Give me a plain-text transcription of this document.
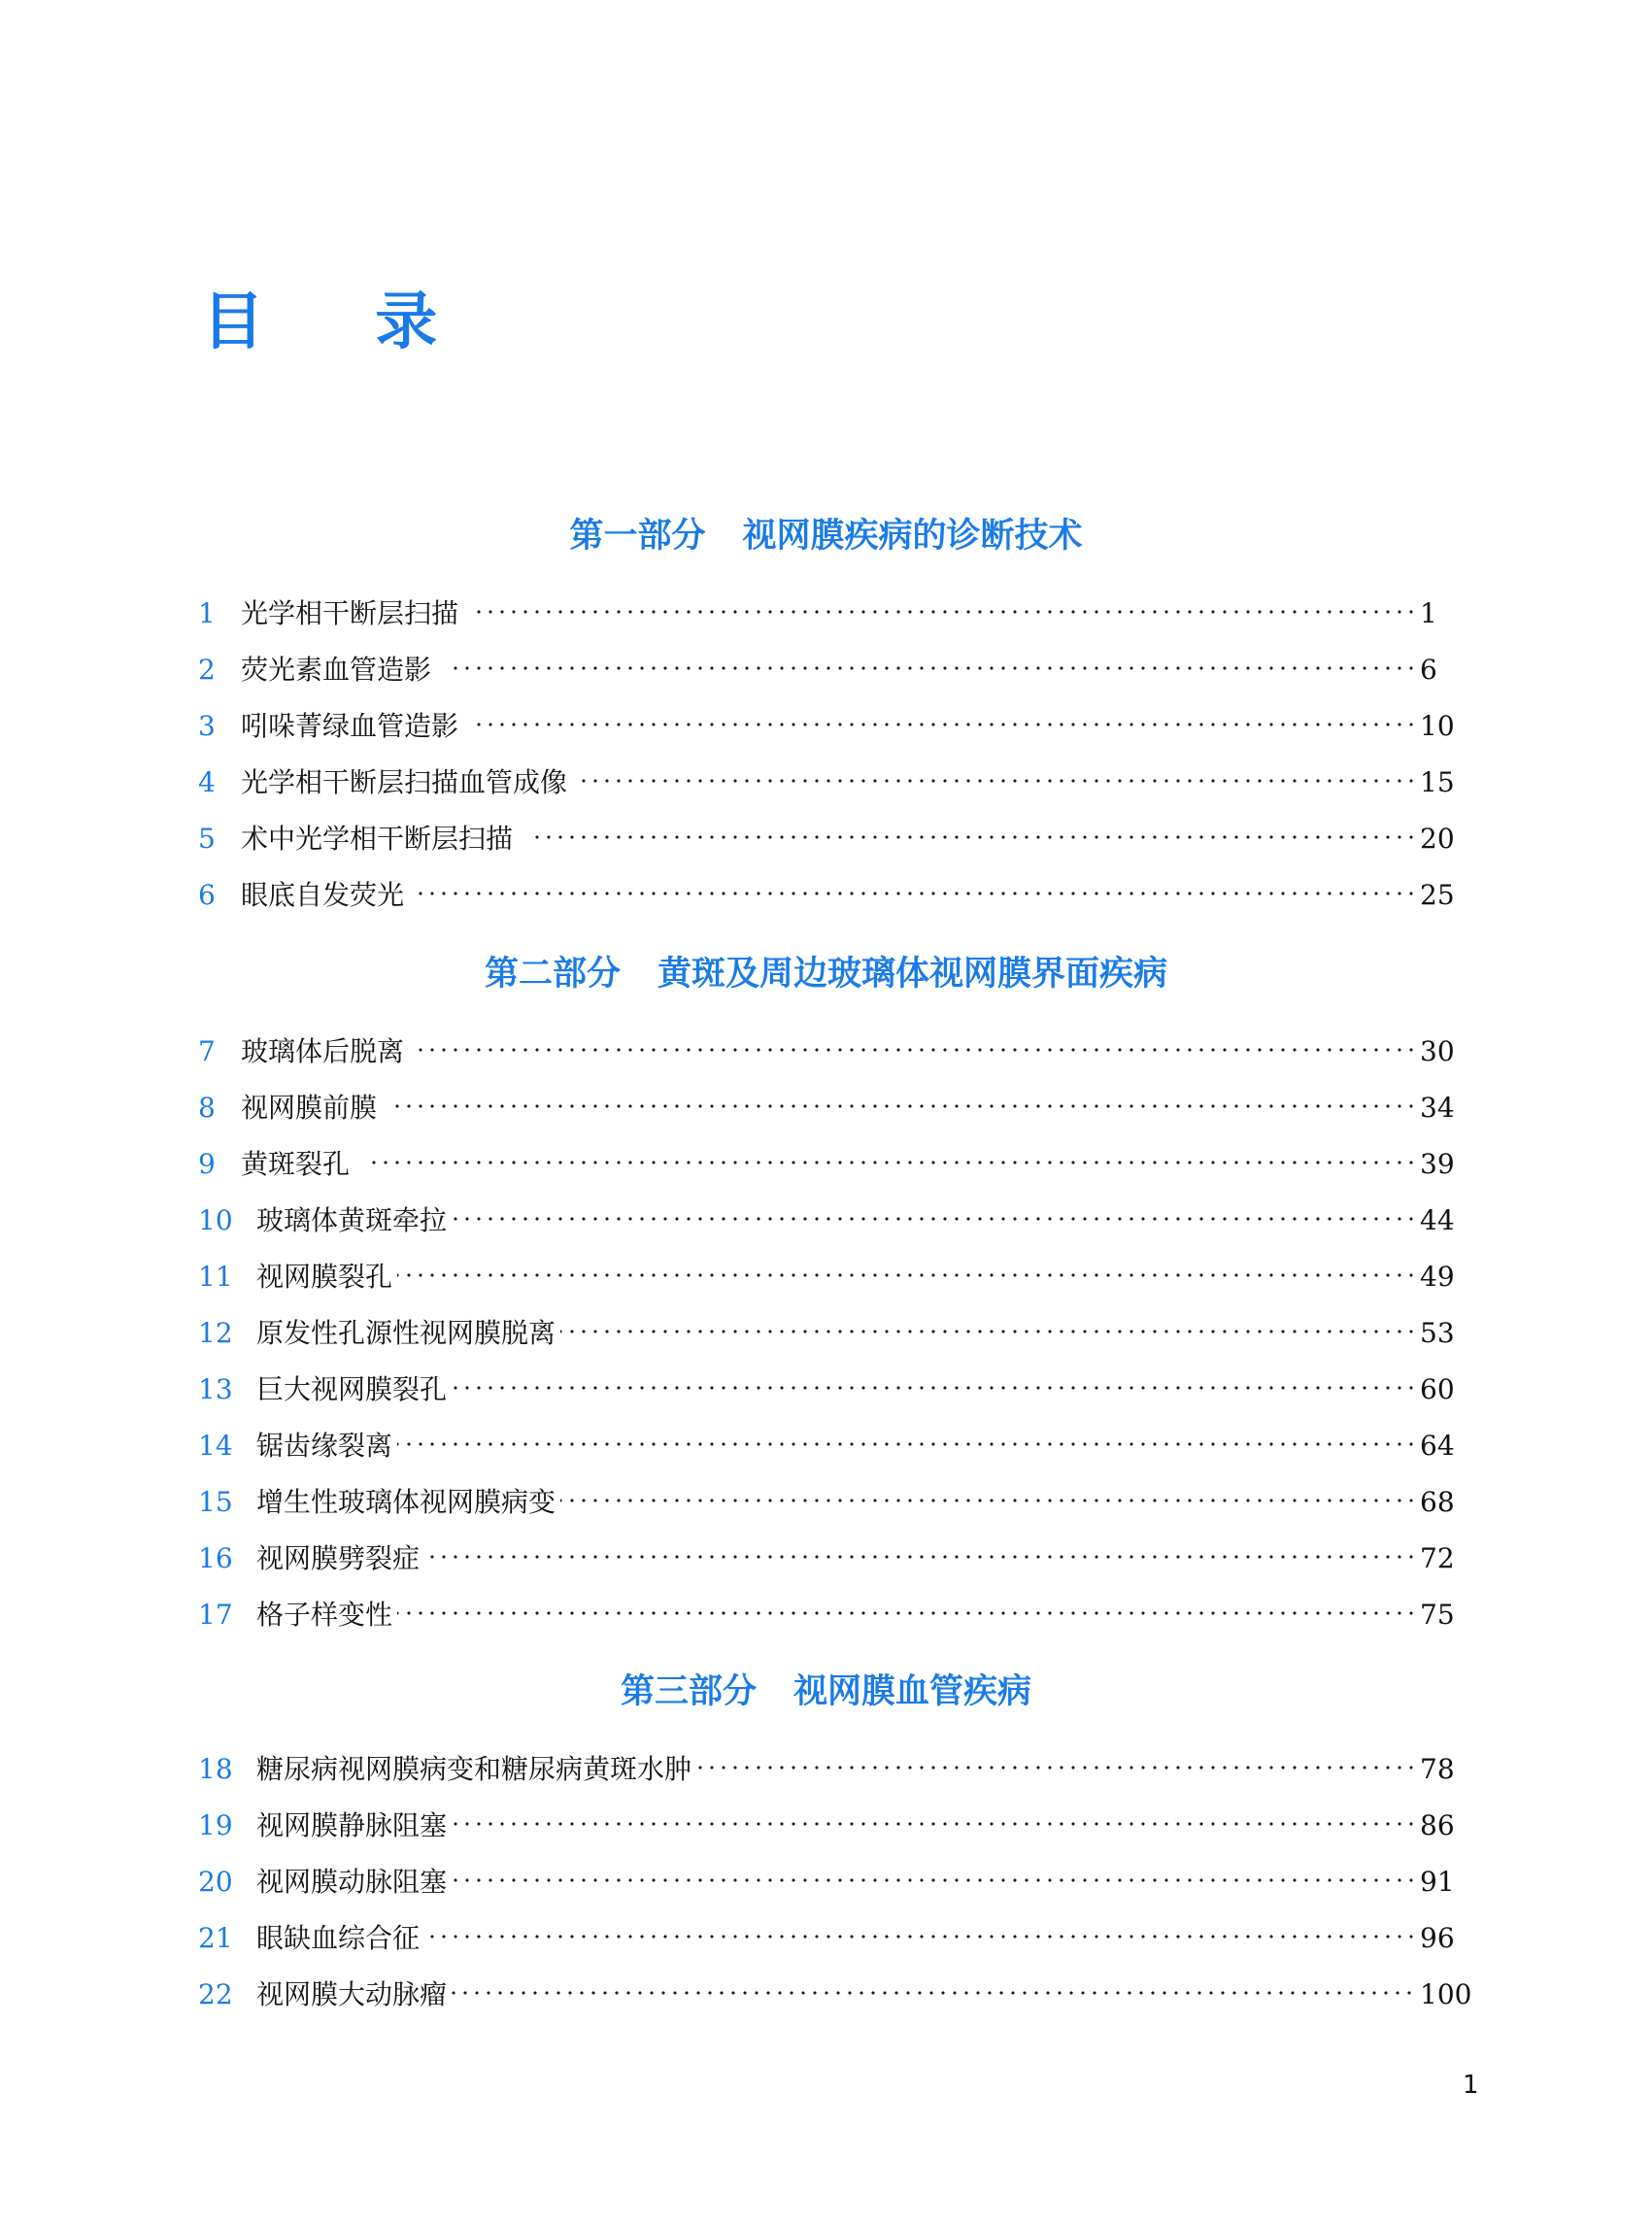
目 录
第一部分 视网膜疾病的诊断技术
1 光学相干断层扫描	1
2 荧光素血管造影	6
3 吲哚菁绿血管造影	10
4 光学相干断层扫描血管成像	15
5 术中光学相干断层扫描	20
6 眼底自发荧光	25
第二部分 黄斑及周边玻璃体视网膜界面疾病
7 玻璃体后脱离	30
8 视网膜前膜	34
9 黄斑裂孔	39
10 玻璃体黄斑牵拉	44
11 视网膜裂孔	49
12 原发性孔源性视网膜脱离	53
13 巨大视网膜裂孔	60
14 锯齿缘裂离	64
15 增生性玻璃体视网膜病变	68
16 视网膜劈裂症	72
17 格子样变性	75
第三部分 视网膜血管疾病
18 糖尿病视网膜病变和糖尿病黄斑水肿	78
19 视网膜静脉阻塞	86
20 视网膜动脉阻塞	91
21 眼缺血综合征	96
22 视网膜大动脉瘤	100
1
